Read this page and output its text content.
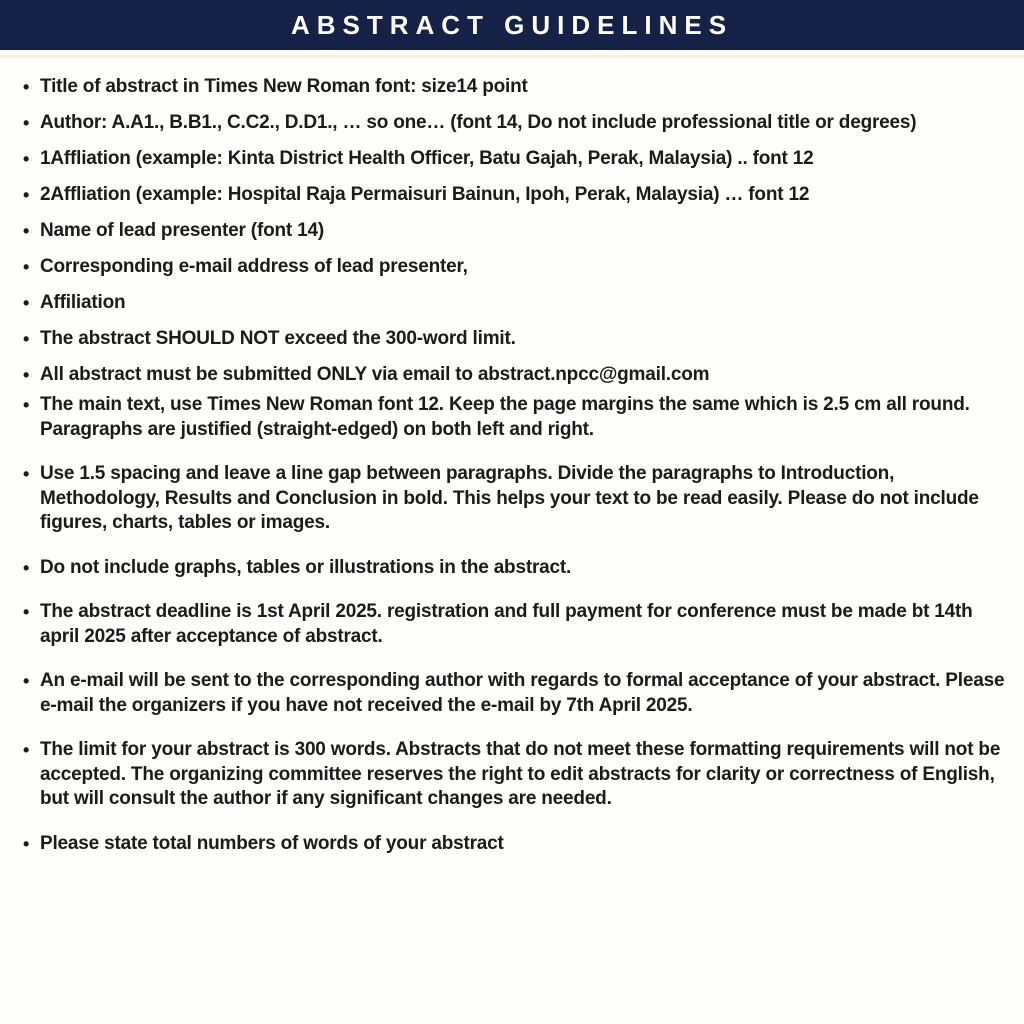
ABSTRACT GUIDELINES
• Title of abstract in Times New Roman font: size14 point
• Author: A.A1., B.B1., C.C2., D.D1., … so one… (font 14, Do not include professional title or degrees)
• 1Affliation (example: Kinta District Health Officer, Batu Gajah, Perak, Malaysia) .. font 12
• 2Affliation (example: Hospital Raja Permaisuri Bainun, Ipoh, Perak, Malaysia) … font 12
• Name of lead presenter (font 14)
• Corresponding e-mail address of lead presenter,
• Affiliation
• The abstract SHOULD NOT exceed the 300-word limit.
• All abstract must be submitted ONLY via email to abstract.npcc@gmail.com
• The main text, use Times New Roman font 12. Keep the page margins the same which is 2.5 cm all round. Paragraphs are justified (straight-edged) on both left and right.
• Use 1.5 spacing and leave a line gap between paragraphs. Divide the paragraphs to Introduction, Methodology, Results and Conclusion in bold. This helps your text to be read easily. Please do not include figures, charts, tables or images.
• Do not include graphs, tables or illustrations in the abstract.
• The abstract deadline is 1st April 2025. registration and full payment for conference must be made bt 14th april 2025 after acceptance of abstract.
• An e-mail will be sent to the corresponding author with regards to formal acceptance of your abstract. Please e-mail the organizers if you have not received the e-mail by 7th April 2025.
• The limit for your abstract is 300 words. Abstracts that do not meet these formatting requirements will not be accepted. The organizing committee reserves the right to edit abstracts for clarity or correctness of English, but will consult the author if any significant changes are needed.
• Please state total numbers of words of your abstract
